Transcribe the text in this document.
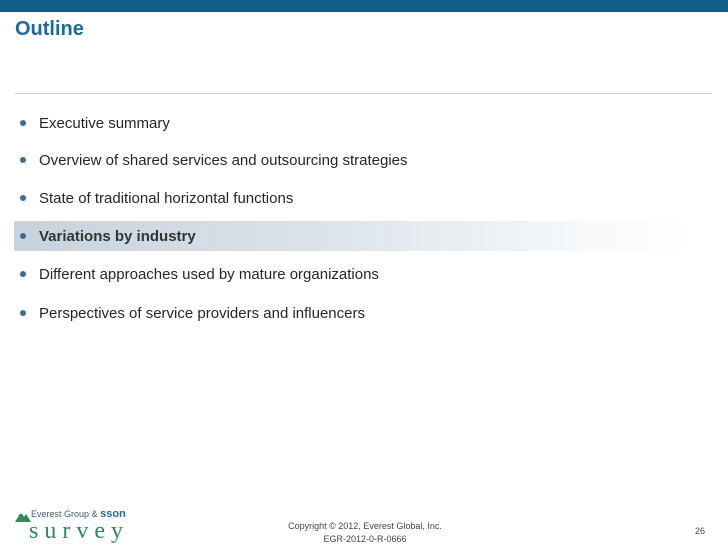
Outline
Executive summary
Overview of shared services and outsourcing strategies
State of traditional horizontal functions
Variations by industry
Different approaches used by mature organizations
Perspectives of service providers and influencers
Everest Group & sson
survey	Copyright © 2012, Everest Global, Inc.
EGR-2012-0-R-0666
26
